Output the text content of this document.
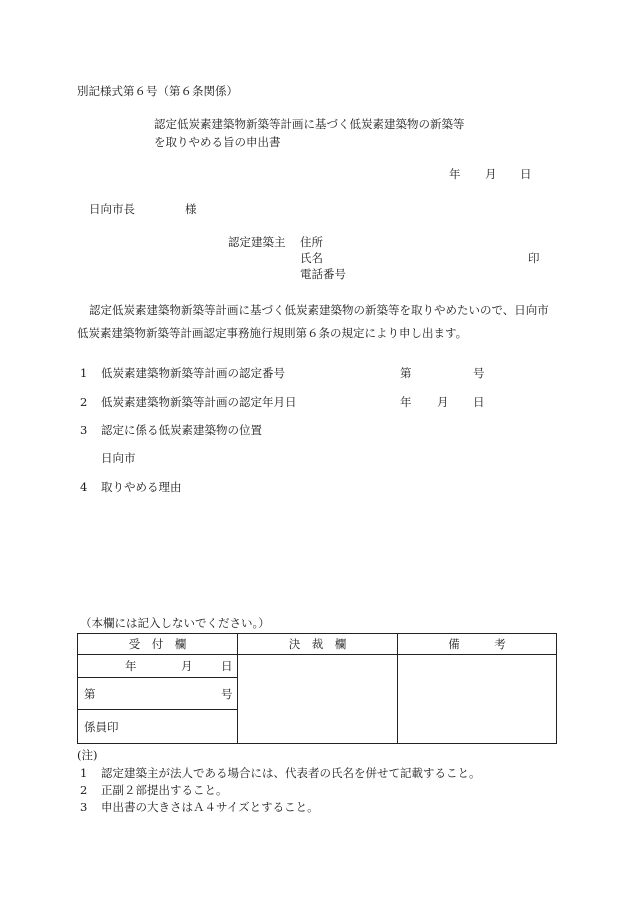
別記様式第６号（第６条関係）
認定低炭素建築物新築等計画に基づく低炭素建築物の新築等
を取りやめる旨の申出書
年 月 日
日向市長	様
認定建築主 住所
氏名	印
電話番号
認定低炭素建築物新築等計画に基づく低炭素建築物の新築等を取りやめたいので、日向市低炭素建築物新築等計画認定事務施行規則第６条の規定により申し出ます。
1 低炭素建築物新築等計画の認定番号	第	号
2 低炭素建築物新築等計画の認定年月日	年 月 日
3 認定に係る低炭素建築物の位置
日向市
4 取りやめる理由
（本欄には記入しないでください。）
受　付　欄	決　裁　欄	備　　　考

年 月 日		

第 号		

係員印		
(注)
1 認定建築主が法人である場合には、代表者の氏名を併せて記載すること。
2 正副２部提出すること。
3 申出書の大きさはＡ４サイズとすること。
